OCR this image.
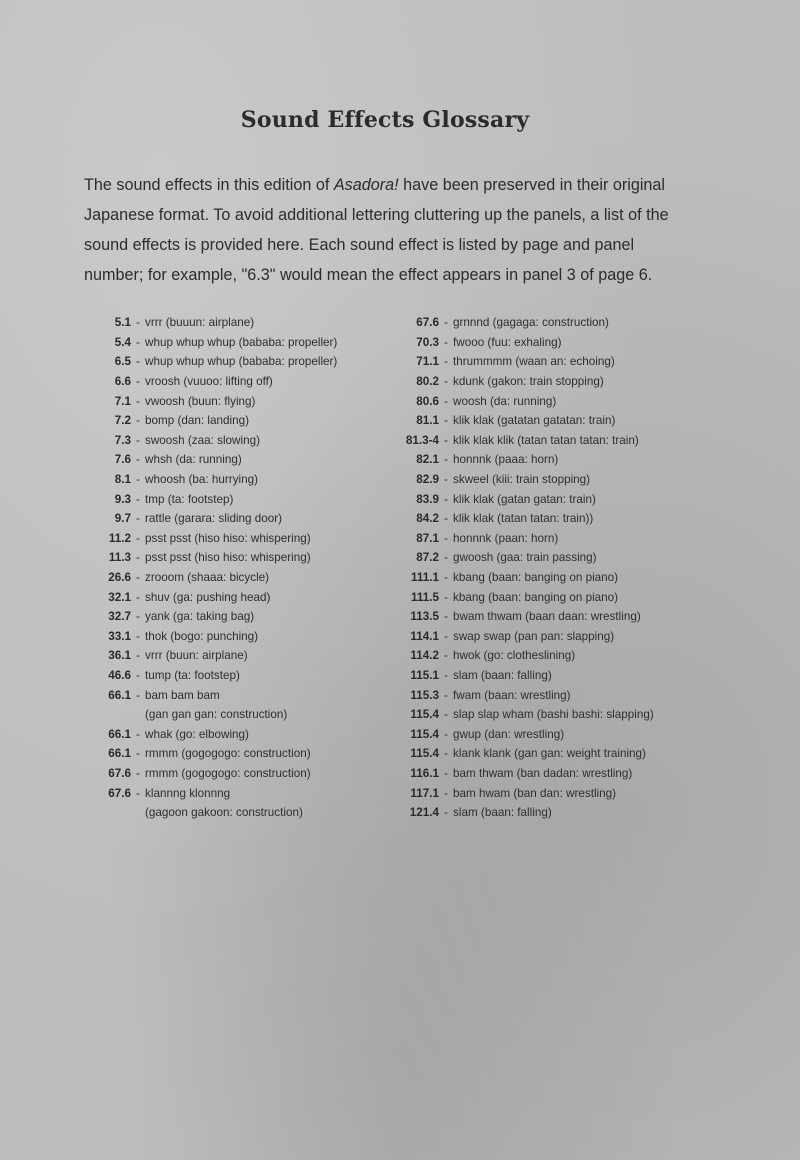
Sound Effects Glossary

The sound effects in this edition of Asadora! have been preserved in their original Japanese format. To avoid additional lettering cluttering up the panels, a list of the sound effects is provided here. Each sound effect is listed by page and panel number; for example, "6.3" would mean the effect appears in panel 3 of page 6.

5.1 - vrrr (buuun: airplane)
5.4 - whup whup whup (bababa: propeller)
6.5 - whup whup whup (bababa: propeller)
6.6 - vroosh (vuuoo: lifting off)
7.1 - vwoosh (buun: flying)
7.2 - bomp (dan: landing)
7.3 - swoosh (zaa: slowing)
7.6 - whsh (da: running)
8.1 - whoosh (ba: hurrying)
9.3 - tmp (ta: footstep)
9.7 - rattle (garara: sliding door)
11.2 - psst psst (hiso hiso: whispering)
11.3 - psst psst (hiso hiso: whispering)
26.6 - zrooom (shaaa: bicycle)
32.1 - shuv (ga: pushing head)
32.7 - yank (ga: taking bag)
33.1 - thok (bogo: punching)
36.1 - vrrr (buun: airplane)
46.6 - tump (ta: footstep)
66.1 - bam bam bam
(gan gan gan: construction)
66.1 - whak (go: elbowing)
66.1 - rmmm (gogogogo: construction)
67.6 - rmmm (gogogogo: construction)
67.6 - klannng klonnng
(gagoon gakoon: construction)
67.6 - grnnnd (gagaga: construction)
70.3 - fwooo (fuu: exhaling)
71.1 - thrummmm (waan an: echoing)
80.2 - kdunk (gakon: train stopping)
80.6 - woosh (da: running)
81.1 - klik klak (gatatan gatatan: train)
81.3-4 - klik klak klik (tatan tatan tatan: train)
82.1 - honnnk (paaa: horn)
82.9 - skweel (kiii: train stopping)
83.9 - klik klak (gatan gatan: train)
84.2 - klik klak (tatan tatan: train))
87.1 - honnnk (paan: horn)
87.2 - gwoosh (gaa: train passing)
111.1 - kbang (baan: banging on piano)
111.5 - kbang (baan: banging on piano)
113.5 - bwam thwam (baan daan: wrestling)
114.1 - swap swap (pan pan: slapping)
114.2 - hwok (go: clotheslining)
115.1 - slam (baan: falling)
115.3 - fwam (baan: wrestling)
115.4 - slap slap wham (bashi bashi: slapping)
115.4 - gwup (dan: wrestling)
115.4 - klank klank (gan gan: weight training)
116.1 - bam thwam (ban dadan: wrestling)
117.1 - bam hwam (ban dan: wrestling)
121.4 - slam (baan: falling)
